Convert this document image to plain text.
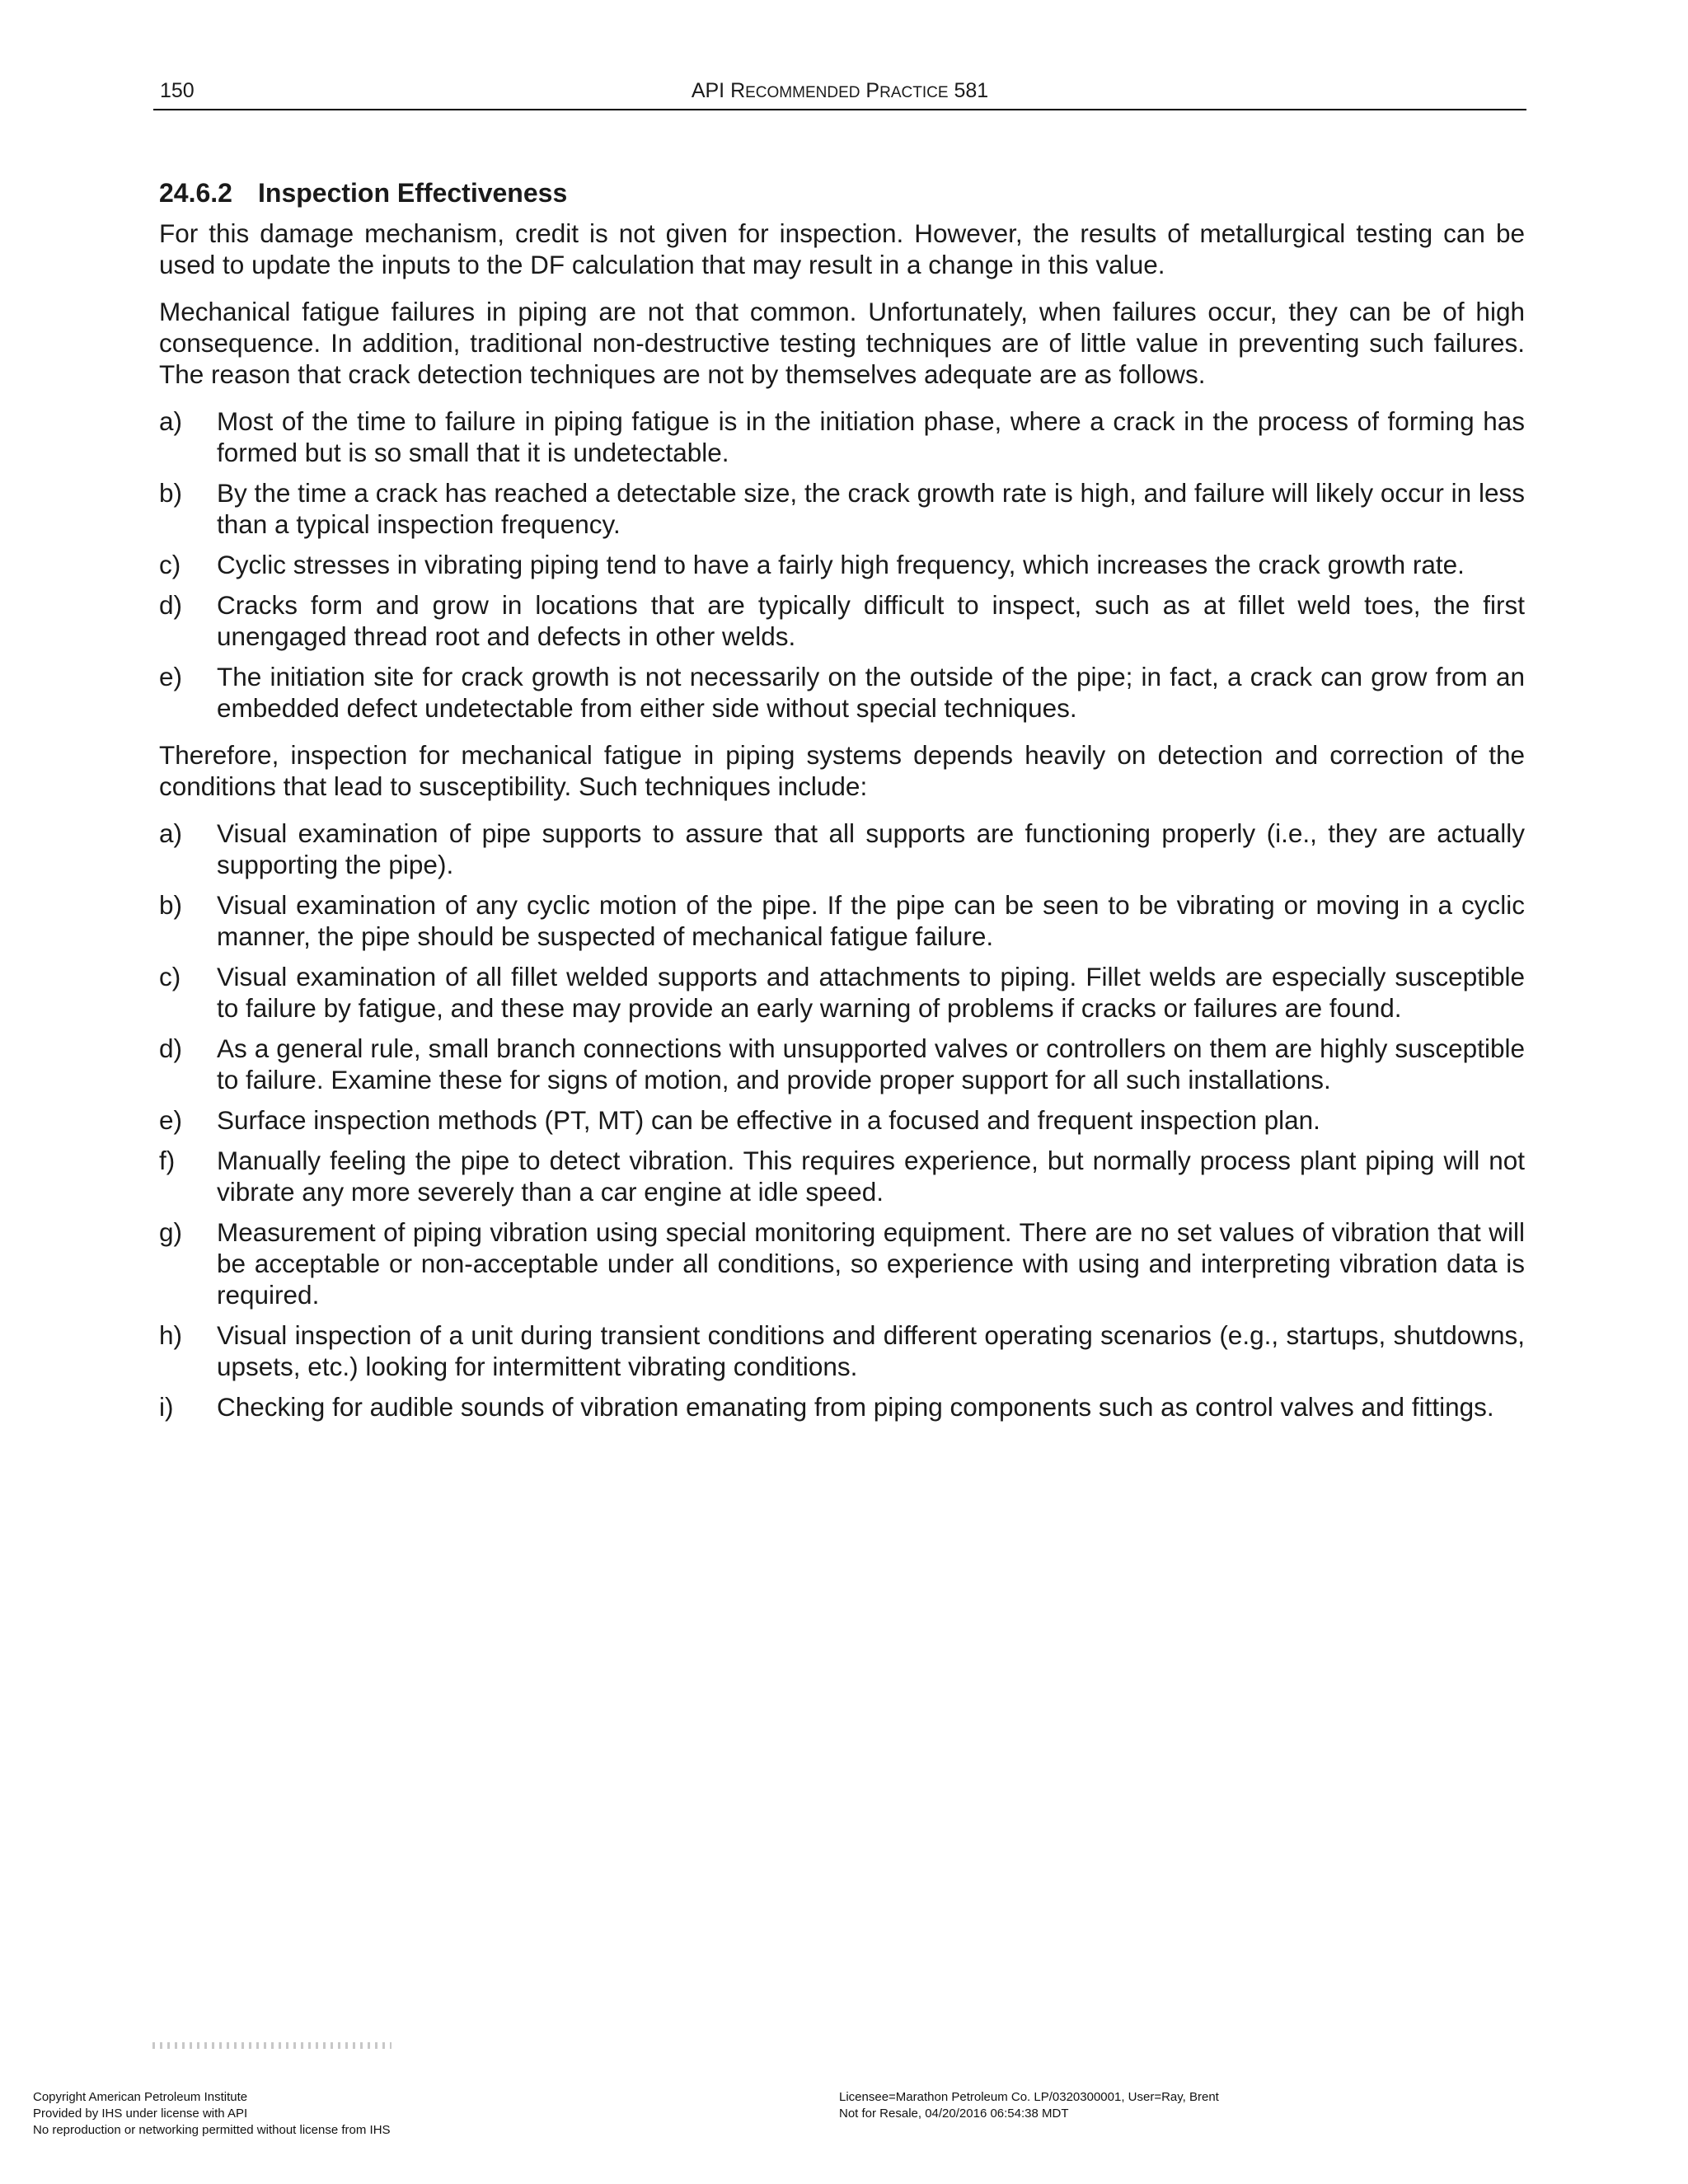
150	API RECOMMENDED PRACTICE 581
24.6.2 Inspection Effectiveness

For this damage mechanism, credit is not given for inspection. However, the results of metallurgical testing can be used to update the inputs to the DF calculation that may result in a change in this value.

Mechanical fatigue failures in piping are not that common. Unfortunately, when failures occur, they can be of high consequence. In addition, traditional non-destructive testing techniques are of little value in preventing such failures. The reason that crack detection techniques are not by themselves adequate are as follows.

a) Most of the time to failure in piping fatigue is in the initiation phase, where a crack in the process of forming has formed but is so small that it is undetectable.
b) By the time a crack has reached a detectable size, the crack growth rate is high, and failure will likely occur in less than a typical inspection frequency.
c) Cyclic stresses in vibrating piping tend to have a fairly high frequency, which increases the crack growth rate.
d) Cracks form and grow in locations that are typically difficult to inspect, such as at fillet weld toes, the first unengaged thread root and defects in other welds.
e) The initiation site for crack growth is not necessarily on the outside of the pipe; in fact, a crack can grow from an embedded defect undetectable from either side without special techniques.

Therefore, inspection for mechanical fatigue in piping systems depends heavily on detection and correction of the conditions that lead to susceptibility. Such techniques include:

a) Visual examination of pipe supports to assure that all supports are functioning properly (i.e., they are actually supporting the pipe).
b) Visual examination of any cyclic motion of the pipe. If the pipe can be seen to be vibrating or moving in a cyclic manner, the pipe should be suspected of mechanical fatigue failure.
c) Visual examination of all fillet welded supports and attachments to piping. Fillet welds are especially susceptible to failure by fatigue, and these may provide an early warning of problems if cracks or failures are found.
d) As a general rule, small branch connections with unsupported valves or controllers on them are highly susceptible to failure. Examine these for signs of motion, and provide proper support for all such installations.
e) Surface inspection methods (PT, MT) can be effective in a focused and frequent inspection plan.
f) Manually feeling the pipe to detect vibration. This requires experience, but normally process plant piping will not vibrate any more severely than a car engine at idle speed.
g) Measurement of piping vibration using special monitoring equipment. There are no set values of vibration that will be acceptable or non-acceptable under all conditions, so experience with using and interpreting vibration data is required.
h) Visual inspection of a unit during transient conditions and different operating scenarios (e.g., startups, shutdowns, upsets, etc.) looking for intermittent vibrating conditions.
i) Checking for audible sounds of vibration emanating from piping components such as control valves and fittings.
Copyright American Petroleum Institute
Provided by IHS under license with API
No reproduction or networking permitted without license from IHS
Licensee=Marathon Petroleum Co. LP/0320300001, User=Ray, Brent
Not for Resale, 04/20/2016 06:54:38 MDT
